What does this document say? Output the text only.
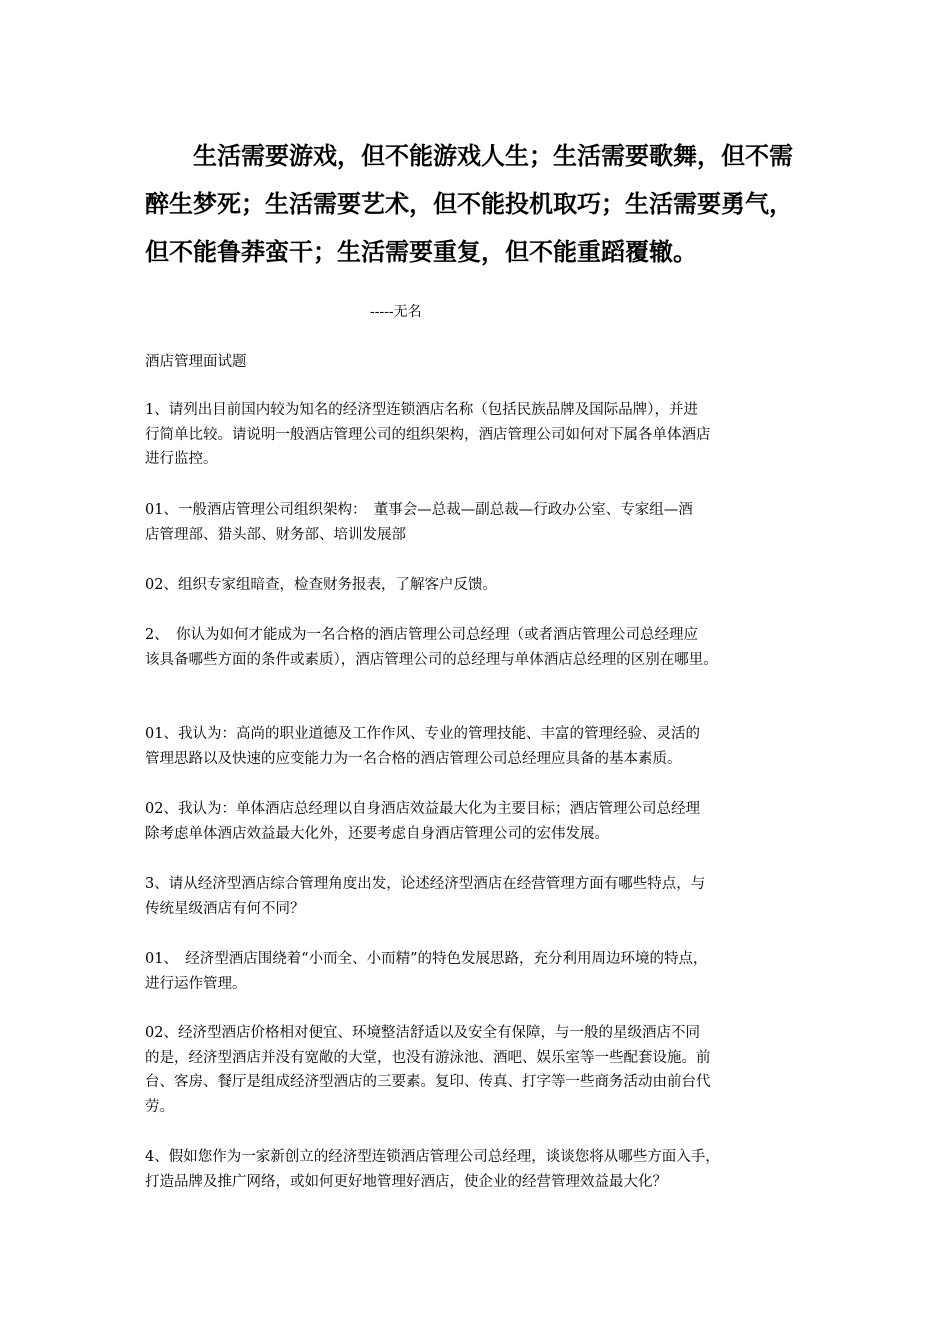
　　生活需要游戏，但不能游戏人生；生活需要歌舞，但不需
醉生梦死；生活需要艺术，但不能投机取巧；生活需要勇气，
但不能鲁莽蛮干；生活需要重复，但不能重蹈覆辙。

-----无名

酒店管理面试题

1、请列出目前国内较为知名的经济型连锁酒店名称（包括民族品牌及国际品牌），并进
行简单比较。请说明一般酒店管理公司的组织架构，酒店管理公司如何对下属各单体酒店
进行监控。

01、一般酒店管理公司组织架构：　董事会—总裁—副总裁—行政办公室、专家组—酒
店管理部、猎头部、财务部、培训发展部

02、组织专家组暗查，检查财务报表，了解客户反馈。

2、　你认为如何才能成为一名合格的酒店管理公司总经理（或者酒店管理公司总经理应
该具备哪些方面的条件或素质），酒店管理公司的总经理与单体酒店总经理的区别在哪里。

01、我认为：高尚的职业道德及工作作风、专业的管理技能、丰富的管理经验、灵活的
管理思路以及快速的应变能力为一名合格的酒店管理公司总经理应具备的基本素质。

02、我认为：单体酒店总经理以自身酒店效益最大化为主要目标；酒店管理公司总经理
除考虑单体酒店效益最大化外，还要考虑自身酒店管理公司的宏伟发展。

3、请从经济型酒店综合管理角度出发，论述经济型酒店在经营管理方面有哪些特点，与
传统星级酒店有何不同？

01、　经济型酒店围绕着“小而全、小而精”的特色发展思路，充分利用周边环境的特点，
进行运作管理。

02、经济型酒店价格相对便宜、环境整洁舒适以及安全有保障，与一般的星级酒店不同
的是，经济型酒店并没有宽敞的大堂，也没有游泳池、酒吧、娱乐室等一些配套设施。前
台、客房、餐厅是组成经济型酒店的三要素。复印、传真、打字等一些商务活动由前台代
劳。

4、假如您作为一家新创立的经济型连锁酒店管理公司总经理，谈谈您将从哪些方面入手，
打造品牌及推广网络，或如何更好地管理好酒店，使企业的经营管理效益最大化？
